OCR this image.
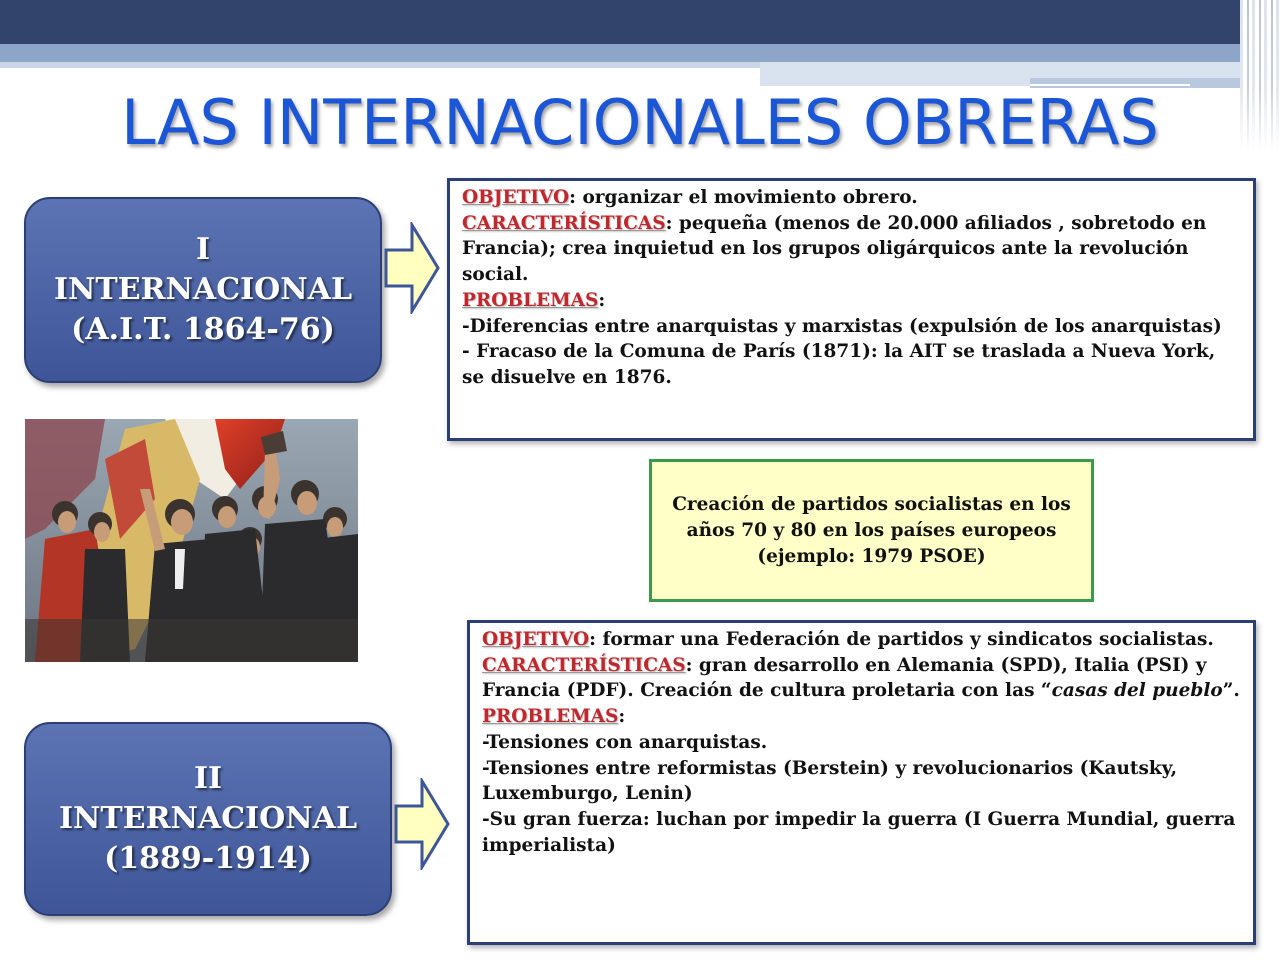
LAS INTERNACIONALES OBRERAS
I
INTERNACIONAL
(A.I.T. 1864-76)

OBJETIVO: organizar el movimiento obrero.

CARACTERÍSTICAS: pequeña (menos de 20.000 afiliados , sobretodo en Francia); crea inquietud en los grupos oligárquicos ante la revolución social.

PROBLEMAS:

-Diferencias entre anarquistas y marxistas (expulsión de los anarquistas)

- Fracaso de la Comuna de París (1871): la AIT se traslada a Nueva York, se disuelve en 1876.

Creación de partidos socialistas en los años 70 y 80 en los países europeos (ejemplo: 1979 PSOE)
II
INTERNACIONAL
(1889-1914)

OBJETIVO: formar una Federación de partidos y sindicatos socialistas.

CARACTERÍSTICAS: gran desarrollo en Alemania (SPD), Italia (PSI) y Francia (PDF). Creación de cultura proletaria con las “casas del pueblo”.

PROBLEMAS:

-Tensiones con anarquistas.

-Tensiones entre reformistas (Berstein) y revolucionarios (Kautsky, Luxemburgo, Lenin)

-Su gran fuerza: luchan por impedir la guerra (I Guerra Mundial, guerra imperialista)
